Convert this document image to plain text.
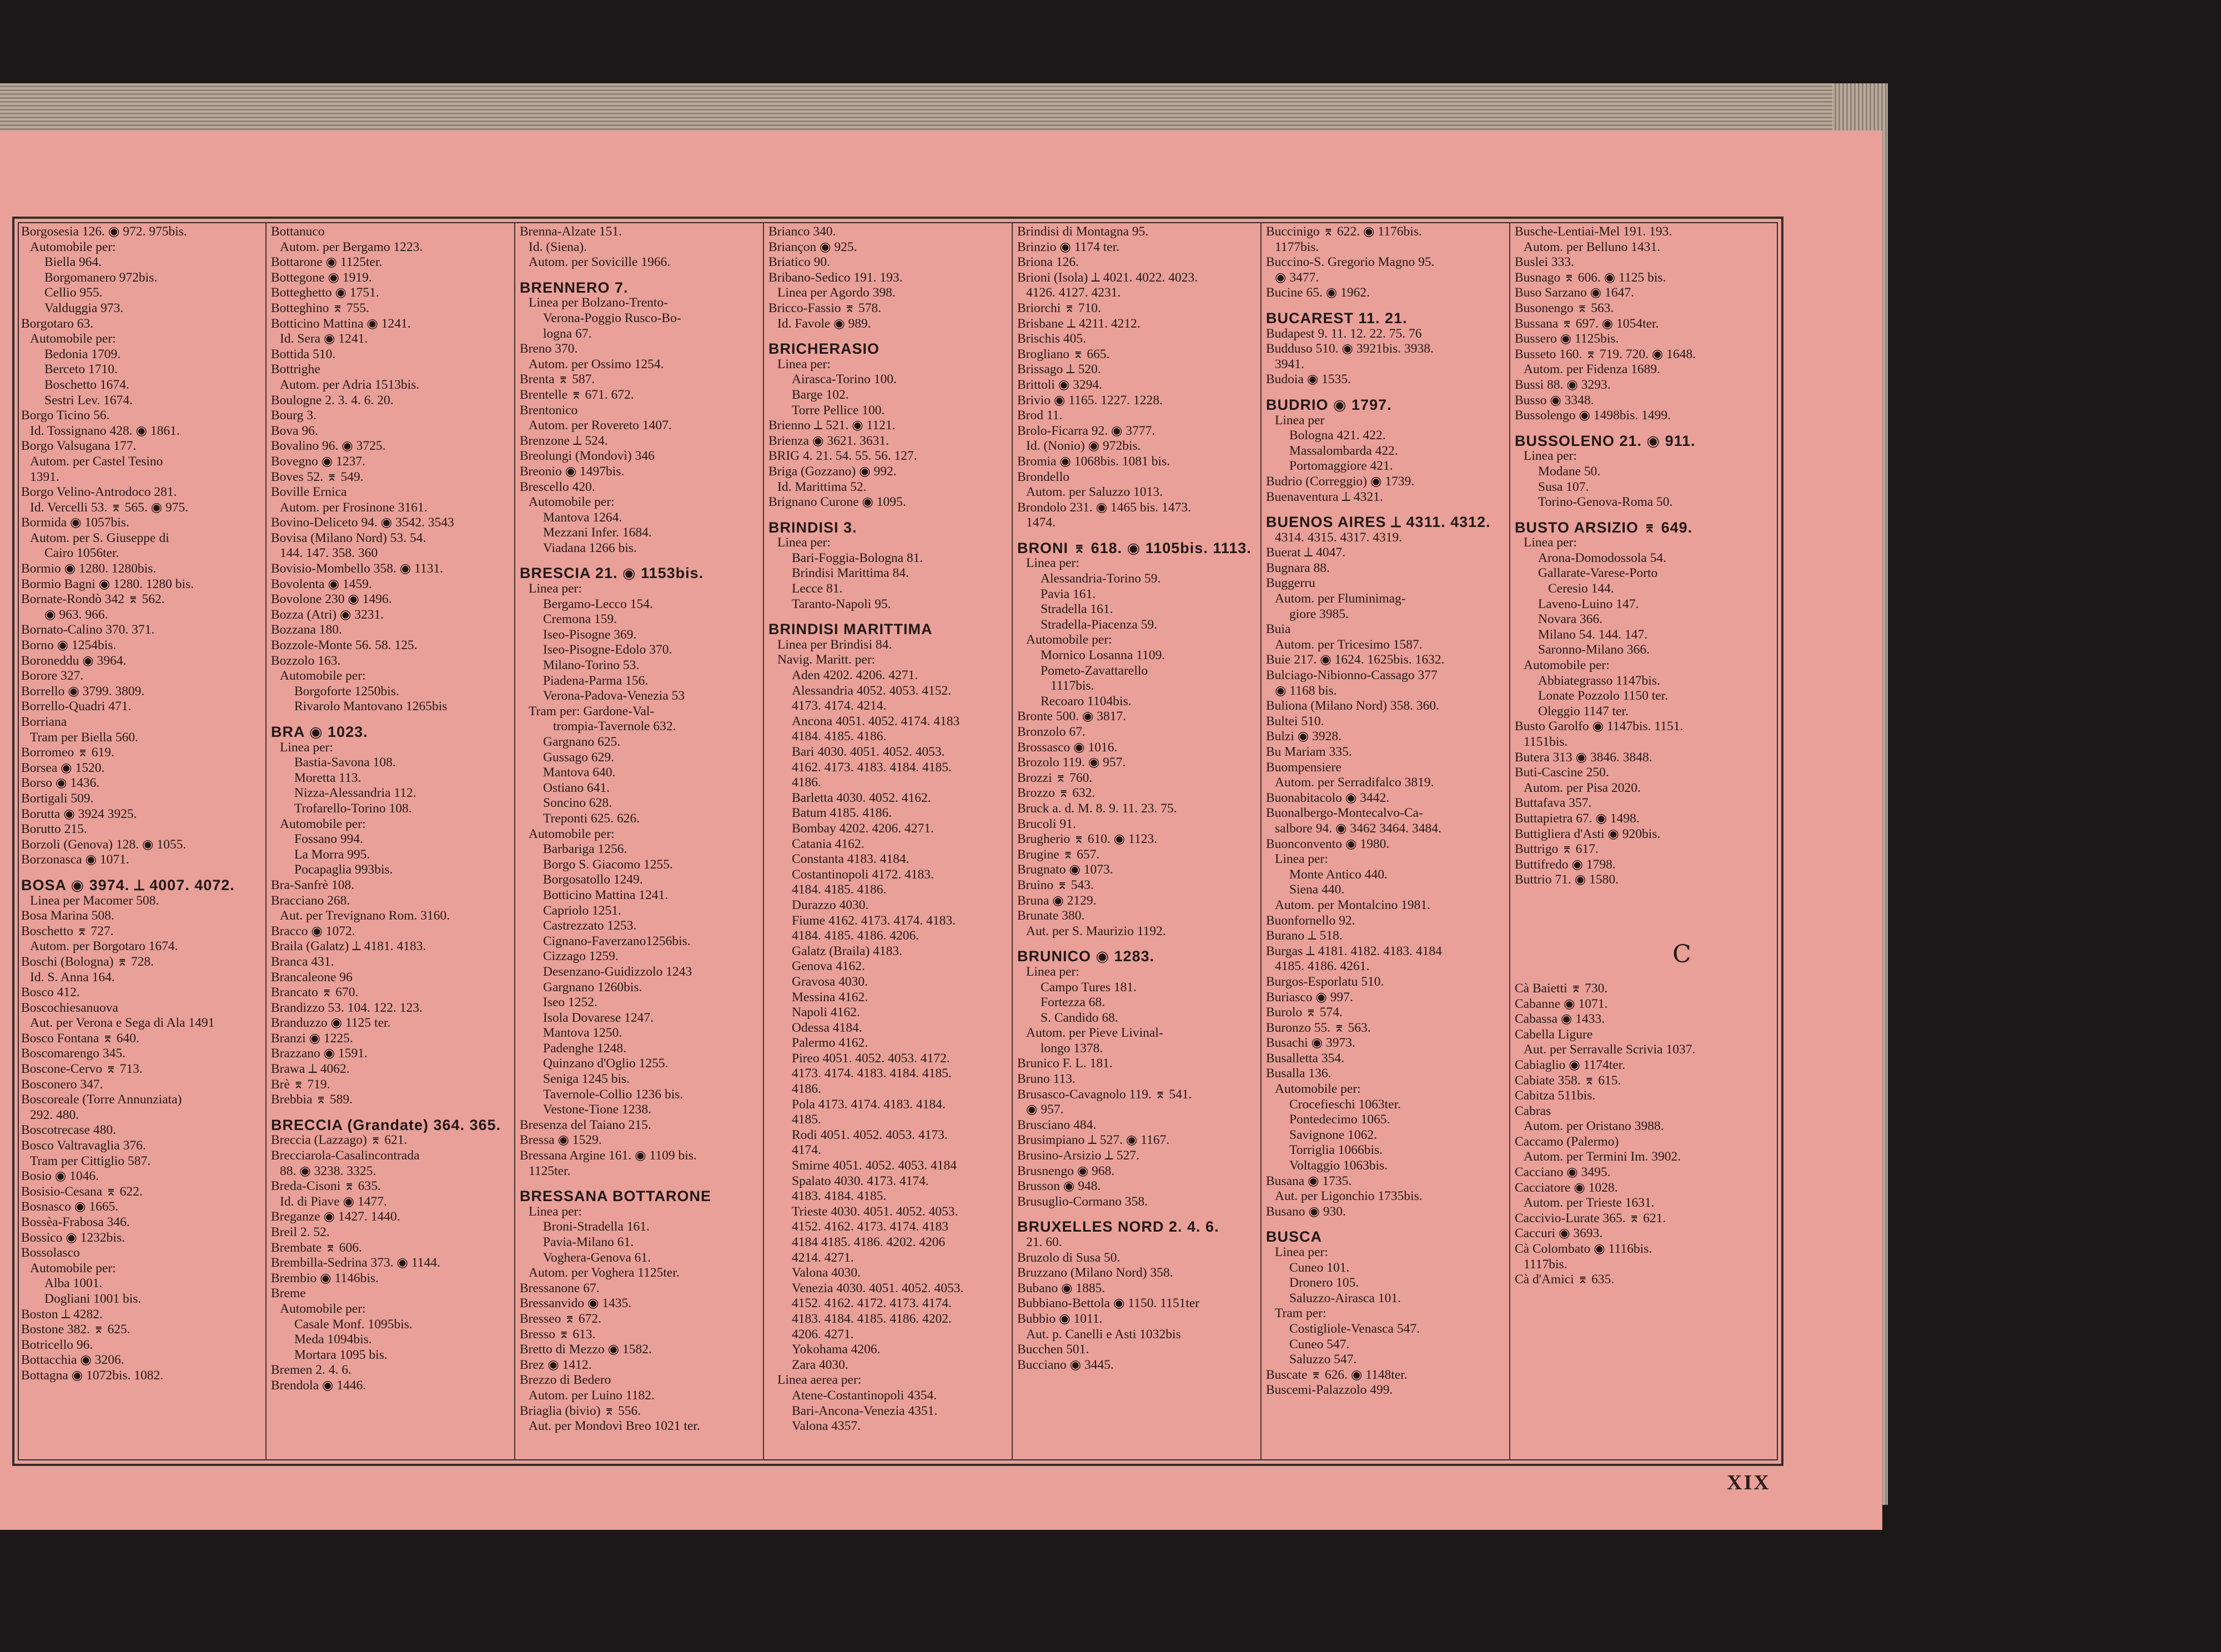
Borgosesia 126. ◉ 972. 975bis.
Automobile per:
Biella 964.
Borgomanero 972bis.
Cellio 955.
Valduggia 973.
Borgotaro 63.
Automobile per:
Bedonia 1709.
Berceto 1710.
Boschetto 1674.
Sestri Lev. 1674.
Borgo Ticino 56.
Id. Tossignano 428. ◉ 1861.
Borgo Valsugana 177.
Autom. per Castel Tesino
1391.
Borgo Velino-Antrodoco 281.
Id. Vercelli 53. ⌆ 565. ◉ 975.
Bormida ◉ 1057bis.
Autom. per S. Giuseppe di
Cairo 1056ter.
Bormio ◉ 1280. 1280bis.
Bormio Bagni ◉ 1280. 1280 bis.
Bornate-Rondò 342 ⌆ 562.
◉ 963. 966.
Bornato-Calino 370. 371.
Borno ◉ 1254bis.
Boroneddu ◉ 3964.
Borore 327.
Borrello ◉ 3799. 3809.
Borrello-Quadri 471.
Borriana
Tram per Biella 560.
Borromeo ⌆ 619.
Borsea ◉ 1520.
Borso ◉ 1436.
Bortigali 509.
Borutta ◉ 3924 3925.
Borutto 215.
Borzoli (Genova) 128. ◉ 1055.
Borzonasca ◉ 1071.
BOSA ◉ 3974. ⟂ 4007. 4072.
Linea per Macomer 508.
Bosa Marina 508.
Boschetto ⌆ 727.
Autom. per Borgotaro 1674.
Boschi (Bologna) ⌆ 728.
Id. S. Anna 164.
Bosco 412.
Boscochiesanuova
Aut. per Verona e Sega di Ala 1491
Bosco Fontana ⌆ 640.
Boscomarengo 345.
Boscone-Cervo ⌆ 713.
Bosconero 347.
Boscoreale (Torre Annunziata)
292. 480.
Boscotrecase 480.
Bosco Valtravaglia 376.
Tram per Cittiglio 587.
Bosio ◉ 1046.
Bosisio-Cesana ⌆ 622.
Bosnasco ◉ 1665.
Bossèa-Frabosa 346.
Bossico ◉ 1232bis.
Bossolasco
Automobile per:
Alba 1001.
Dogliani 1001 bis.
Boston ⟂ 4282.
Bostone 382. ⌆ 625.
Botricello 96.
Bottacchia ◉ 3206.
Bottagna ◉ 1072bis. 1082.
Bottanuco
Autom. per Bergamo 1223.
Bottarone ◉ 1125ter.
Bottegone ◉ 1919.
Botteghetto ◉ 1751.
Botteghino ⌆ 755.
Botticino Mattina ◉ 1241.
Id. Sera ◉ 1241.
Bottida 510.
Bottrighe
Autom. per Adria 1513bis.
Boulogne 2. 3. 4. 6. 20.
Bourg 3.
Bova 96.
Bovalino 96. ◉ 3725.
Bovegno ◉ 1237.
Boves 52. ⌆ 549.
Boville Ernica
Autom. per Frosinone 3161.
Bovino-Deliceto 94. ◉ 3542. 3543
Bovisa (Milano Nord) 53. 54.
144. 147. 358. 360
Bovisio-Mombello 358. ◉ 1131.
Bovolenta ◉ 1459.
Bovolone 230 ◉ 1496.
Bozza (Atri) ◉ 3231.
Bozzana 180.
Bozzole-Monte 56. 58. 125.
Bozzolo 163.
Automobile per:
Borgoforte 1250bis.
Rivarolo Mantovano 1265bis
BRA ◉ 1023.
Linea per:
Bastia-Savona 108.
Moretta 113.
Nizza-Alessandria 112.
Trofarello-Torino 108.
Automobile per:
Fossano 994.
La Morra 995.
Pocapaglia 993bis.
Bra-Sanfrè 108.
Bracciano 268.
Aut. per Trevignano Rom. 3160.
Bracco ◉ 1072.
Braila (Galatz) ⟂ 4181. 4183.
Branca 431.
Brancaleone 96
Brancato ⌆ 670.
Brandizzo 53. 104. 122. 123.
Branduzzo ◉ 1125 ter.
Branzi ◉ 1225.
Brazzano ◉ 1591.
Brawa ⟂ 4062.
Brè ⌆ 719.
Brebbia ⌆ 589.
BRECCIA (Grandate) 364. 365.
Breccia (Lazzago) ⌆ 621.
Brecciarola-Casalincontrada
88. ◉ 3238. 3325.
Breda-Cisoni ⌆ 635.
Id. di Piave ◉ 1477.
Breganze ◉ 1427. 1440.
Breil 2. 52.
Brembate ⌆ 606.
Brembilla-Sedrina 373. ◉ 1144.
Brembio ◉ 1146bis.
Breme
Automobile per:
Casale Monf. 1095bis.
Meda 1094bis.
Mortara 1095 bis.
Bremen 2. 4. 6.
Brendola ◉ 1446.
Brenna-Alzate 151.
Id. (Siena).
Autom. per Sovicille 1966.
BRENNERO 7.
Linea per Bolzano-Trento-
Verona-Poggio Rusco-Bo-
logna 67.
Breno 370.
Autom. per Ossimo 1254.
Brenta ⌆ 587.
Brentelle ⌆ 671. 672.
Brentonico
Autom. per Rovereto 1407.
Brenzone ⟂ 524.
Breolungi (Mondovì) 346
Breonio ◉ 1497bis.
Brescello 420.
Automobile per:
Mantova 1264.
Mezzani Infer. 1684.
Viadana 1266 bis.
BRESCIA 21. ◉ 1153bis.
Linea per:
Bergamo-Lecco 154.
Cremona 159.
Iseo-Pisogne 369.
Iseo-Pisogne-Edolo 370.
Milano-Torino 53.
Piadena-Parma 156.
Verona-Padova-Venezia 53
Tram per: Gardone-Val-
trompia-Tavernole 632.
Gargnano 625.
Gussago 629.
Mantova 640.
Ostiano 641.
Soncino 628.
Treponti 625. 626.
Automobile per:
Barbariga 1256.
Borgo S. Giacomo 1255.
Borgosatollo 1249.
Botticino Mattina 1241.
Capriolo 1251.
Castrezzato 1253.
Cignano-Faverzano1256bis.
Cizzago 1259.
Desenzano-Guidizzolo 1243
Gargnano 1260bis.
Iseo 1252.
Isola Dovarese 1247.
Mantova 1250.
Padenghe 1248.
Quinzano d'Oglio 1255.
Seniga 1245 bis.
Tavernole-Collio 1236 bis.
Vestone-Tione 1238.
Bresenza del Taiano 215.
Bressa ◉ 1529.
Bressana Argine 161. ◉ 1109 bis.
1125ter.
BRESSANA BOTTARONE
Linea per:
Broni-Stradella 161.
Pavia-Milano 61.
Voghera-Genova 61.
Autom. per Voghera 1125ter.
Bressanone 67.
Bressanvido ◉ 1435.
Bresseo ⌆ 672.
Bresso ⌆ 613.
Bretto di Mezzo ◉ 1582.
Brez ◉ 1412.
Brezzo di Bedero
Autom. per Luino 1182.
Briaglia (bivio) ⌆ 556.
Aut. per Mondovì Breo 1021 ter.
Brianco 340.
Briançon ◉ 925.
Briatico 90.
Bribano-Sedico 191. 193.
Linea per Agordo 398.
Bricco-Fassio ⌆ 578.
Id. Favole ◉ 989.
BRICHERASIO
Linea per:
Airasca-Torino 100.
Barge 102.
Torre Pellice 100.
Brienno ⟂ 521. ◉ 1121.
Brienza ◉ 3621. 3631.
BRIG 4. 21. 54. 55. 56. 127.
Briga (Gozzano) ◉ 992.
Id. Marittima 52.
Brignano Curone ◉ 1095.
BRINDISI 3.
Linea per:
Bari-Foggia-Bologna 81.
Brindisi Marittima 84.
Lecce 81.
Taranto-Napoli 95.
BRINDISI MARITTIMA
Linea per Brindisi 84.
Navig. Maritt. per:
Aden 4202. 4206. 4271.
Alessandria 4052. 4053. 4152.
4173. 4174. 4214.
Ancona 4051. 4052. 4174. 4183
4184. 4185. 4186.
Bari 4030. 4051. 4052. 4053.
4162. 4173. 4183. 4184. 4185.
4186.
Barletta 4030. 4052. 4162.
Batum 4185. 4186.
Bombay 4202. 4206. 4271.
Catania 4162.
Constanta 4183. 4184.
Costantinopoli 4172. 4183.
4184. 4185. 4186.
Durazzo 4030.
Fiume 4162. 4173. 4174. 4183.
4184. 4185. 4186. 4206.
Galatz (Braila) 4183.
Genova 4162.
Gravosa 4030.
Messina 4162.
Napoli 4162.
Odessa 4184.
Palermo 4162.
Pireo 4051. 4052. 4053. 4172.
4173. 4174. 4183. 4184. 4185.
4186.
Pola 4173. 4174. 4183. 4184.
4185.
Rodi 4051. 4052. 4053. 4173.
4174.
Smirne 4051. 4052. 4053. 4184
Spalato 4030. 4173. 4174.
4183. 4184. 4185.
Trieste 4030. 4051. 4052. 4053.
4152. 4162. 4173. 4174. 4183
4184 4185. 4186. 4202. 4206
4214. 4271.
Valona 4030.
Venezia 4030. 4051. 4052. 4053.
4152. 4162. 4172. 4173. 4174.
4183. 4184. 4185. 4186. 4202.
4206. 4271.
Yokohama 4206.
Zara 4030.
Linea aerea per:
Atene-Costantinopoli 4354.
Bari-Ancona-Venezia 4351.
Valona 4357.
Brindisi di Montagna 95.
Brinzio ◉ 1174 ter.
Briona 126.
Brioni (Isola) ⟂ 4021. 4022. 4023.
4126. 4127. 4231.
Briorchi ⌆ 710.
Brisbane ⟂ 4211. 4212.
Brischis 405.
Brogliano ⌆ 665.
Brissago ⟂ 520.
Brittoli ◉ 3294.
Brivio ◉ 1165. 1227. 1228.
Brod 11.
Brolo-Ficarra 92. ◉ 3777.
Id. (Nonio) ◉ 972bis.
Bromia ◉ 1068bis. 1081 bis.
Brondello
Autom. per Saluzzo 1013.
Brondolo 231. ◉ 1465 bis. 1473.
1474.
BRONI ⌆ 618. ◉ 1105bis. 1113.
Linea per:
Alessandria-Torino 59.
Pavia 161.
Stradella 161.
Stradella-Piacenza 59.
Automobile per:
Mornico Losanna 1109.
Pometo-Zavattarello
1117bis.
Recoaro 1104bis.
Bronte 500. ◉ 3817.
Bronzolo 67.
Brossasco ◉ 1016.
Brozolo 119. ◉ 957.
Brozzi ⌆ 760.
Brozzo ⌆ 632.
Bruck a. d. M. 8. 9. 11. 23. 75.
Brucoli 91.
Brugherio ⌆ 610. ◉ 1123.
Brugine ⌆ 657.
Brugnato ◉ 1073.
Bruino ⌆ 543.
Bruna ◉ 2129.
Brunate 380.
Aut. per S. Maurizio 1192.
BRUNICO ◉ 1283.
Linea per:
Campo Tures 181.
Fortezza 68.
S. Candido 68.
Autom. per Pieve Livinal-
longo 1378.
Brunico F. L. 181.
Bruno 113.
Brusasco-Cavagnolo 119. ⌆ 541.
◉ 957.
Brusciano 484.
Brusimpiano ⟂ 527. ◉ 1167.
Brusino-Arsizio ⟂ 527.
Brusnengo ◉ 968.
Brusson ◉ 948.
Brusuglio-Cormano 358.
BRUXELLES NORD 2. 4. 6.
21. 60.
Bruzolo di Susa 50.
Bruzzano (Milano Nord) 358.
Bubano ◉ 1885.
Bubbiano-Bettola ◉ 1150. 1151ter
Bubbio ◉ 1011.
Aut. p. Canelli e Asti 1032bis
Bucchen 501.
Bucciano ◉ 3445.
Buccinigo ⌆ 622. ◉ 1176bis.
1177bis.
Buccino-S. Gregorio Magno 95.
◉ 3477.
Bucine 65. ◉ 1962.
BUCAREST 11. 21.
Budapest 9. 11. 12. 22. 75. 76
Budduso 510. ◉ 3921bis. 3938.
3941.
Budoia ◉ 1535.
BUDRIO ◉ 1797.
Linea per
Bologna 421. 422.
Massalombarda 422.
Portomaggiore 421.
Budrio (Correggio) ◉ 1739.
Buenaventura ⟂ 4321.
BUENOS AIRES ⟂ 4311. 4312.
4314. 4315. 4317. 4319.
Buerat ⟂ 4047.
Bugnara 88.
Buggerru
Autom. per Fluminimag-
giore 3985.
Buia
Autom. per Tricesimo 1587.
Buie 217. ◉ 1624. 1625bis. 1632.
Bulciago-Nibionno-Cassago 377
◉ 1168 bis.
Buliona (Milano Nord) 358. 360.
Bultei 510.
Bulzi ◉ 3928.
Bu Mariam 335.
Buompensiere
Autom. per Serradifalco 3819.
Buonabitacolo ◉ 3442.
Buonalbergo-Montecalvo-Ca-
salbore 94. ◉ 3462 3464. 3484.
Buonconvento ◉ 1980.
Linea per:
Monte Antico 440.
Siena 440.
Autom. per Montalcino 1981.
Buonfornello 92.
Burano ⟂ 518.
Burgas ⟂ 4181. 4182. 4183. 4184
4185. 4186. 4261.
Burgos-Esporlatu 510.
Buriasco ◉ 997.
Burolo ⌆ 574.
Buronzo 55. ⌆ 563.
Busachi ◉ 3973.
Busalletta 354.
Busalla 136.
Automobile per:
Crocefieschi 1063ter.
Pontedecimo 1065.
Savignone 1062.
Torriglia 1066bis.
Voltaggio 1063bis.
Busana ◉ 1735.
Aut. per Ligonchio 1735bis.
Busano ◉ 930.
BUSCA
Linea per:
Cuneo 101.
Dronero 105.
Saluzzo-Airasca 101.
Tram per:
Costigliole-Venasca 547.
Cuneo 547.
Saluzzo 547.
Buscate ⌆ 626. ◉ 1148ter.
Buscemi-Palazzolo 499.
Busche-Lentiai-Mel 191. 193.
Autom. per Belluno 1431.
Buslei 333.
Busnago ⌆ 606. ◉ 1125 bis.
Buso Sarzano ◉ 1647.
Busonengo ⌆ 563.
Bussana ⌆ 697. ◉ 1054ter.
Bussero ◉ 1125bis.
Busseto 160. ⌆ 719. 720. ◉ 1648.
Autom. per Fidenza 1689.
Bussi 88. ◉ 3293.
Busso ◉ 3348.
Bussolengo ◉ 1498bis. 1499.
BUSSOLENO 21. ◉ 911.
Linea per:
Modane 50.
Susa 107.
Torino-Genova-Roma 50.
BUSTO ARSIZIO ⌆ 649.
Linea per:
Arona-Domodossola 54.
Gallarate-Varese-Porto
Ceresio 144.
Laveno-Luino 147.
Novara 366.
Milano 54. 144. 147.
Saronno-Milano 366.
Automobile per:
Abbiategrasso 1147bis.
Lonate Pozzolo 1150 ter.
Oleggio 1147 ter.
Busto Garolfo ◉ 1147bis. 1151.
1151bis.
Butera 313 ◉ 3846. 3848.
Buti-Cascine 250.
Autom. per Pisa 2020.
Buttafava 357.
Buttapietra 67. ◉ 1498.
Buttigliera d'Asti ◉ 920bis.
Buttrigo ⌆ 617.
Buttifredo ◉ 1798.
Buttrio 71. ◉ 1580.
C
Cà Baietti ⌆ 730.
Cabanne ◉ 1071.
Cabassa ◉ 1433.
Cabella Ligure
Aut. per Serravalle Scrivia 1037.
Cabiaglio ◉ 1174ter.
Cabiate 358. ⌆ 615.
Cabitza 511bis.
Cabras
Autom. per Oristano 3988.
Caccamo (Palermo)
Autom. per Termini Im. 3902.
Cacciano ◉ 3495.
Cacciatore ◉ 1028.
Autom. per Trieste 1631.
Caccivio-Lurate 365. ⌆ 621.
Caccuri ◉ 3693.
Cà Colombato ◉ 1116bis.
1117bis.
Cà d'Amici ⌆ 635.
XIX
